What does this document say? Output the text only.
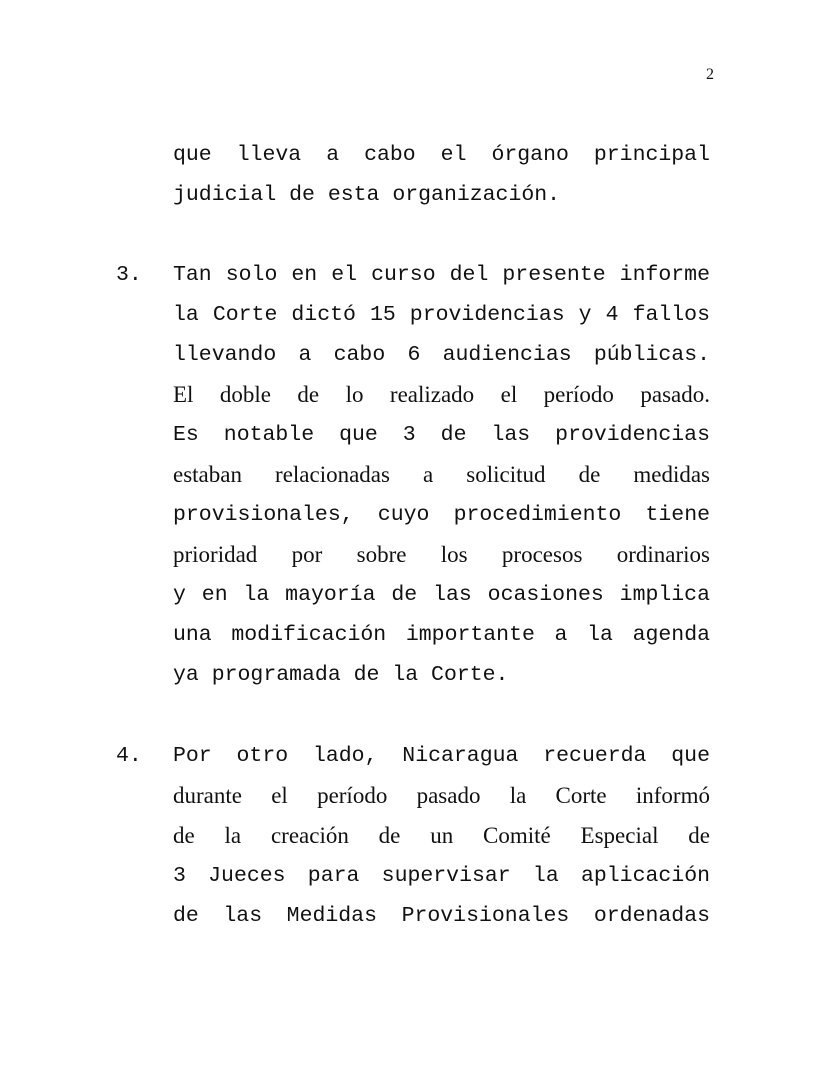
2
que lleva a cabo el órgano principal
judicial de esta organización.
3. Tan solo en el curso del presente informe
la Corte dictó 15 providencias y 4 fallos
llevando a cabo 6 audiencias públicas.
El doble de lo realizado el período pasado.
Es notable que 3 de las providencias
estaban relacionadas a solicitud de medidas
provisionales, cuyo procedimiento tiene
prioridad por sobre los procesos ordinarios
y en la mayoría de las ocasiones implica
una modificación importante a la agenda
ya programada de la Corte.
4. Por otro lado, Nicaragua recuerda que
durante el período pasado la Corte informó
de la creación de un Comité Especial de
3 Jueces para supervisar la aplicación
de las Medidas Provisionales ordenadas
